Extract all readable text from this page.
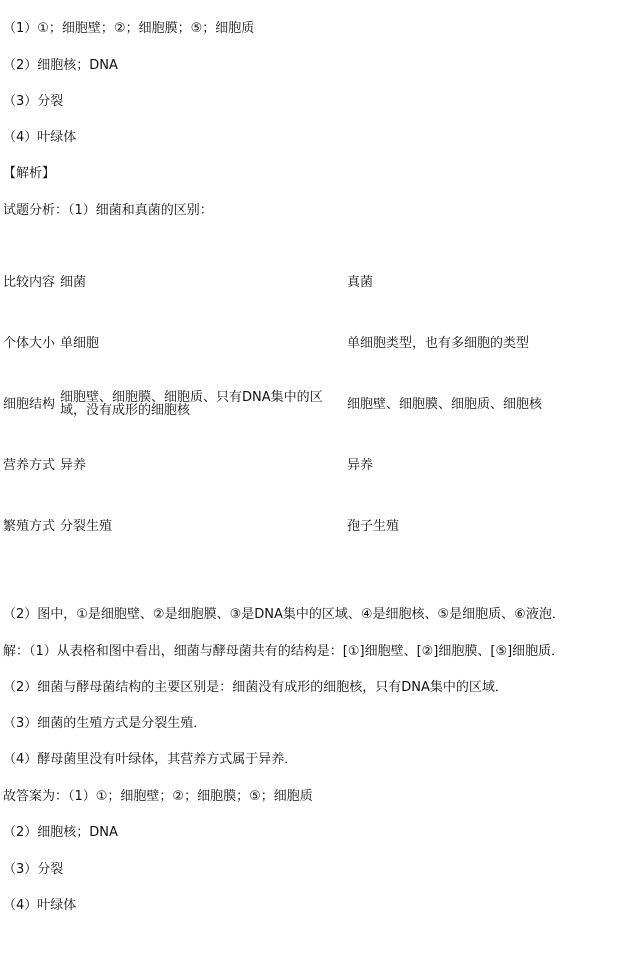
（1）①；细胞壁；②；细胞膜；⑤；细胞质
（2）细胞核；DNA
（3）分裂
（4）叶绿体
【解析】
试题分析：（1）细菌和真菌的区别：
比较内容 细菌	真菌
个体大小 单细胞	单细胞类型，也有多细胞的类型
细胞结构 细胞壁、细胞膜、细胞质、只有DNA集中的区域，没有成形的细胞核	细胞壁、细胞膜、细胞质、细胞核
营养方式 异养	异养
繁殖方式 分裂生殖	孢子生殖
（2）图中，①是细胞壁、②是细胞膜、③是DNA集中的区域、④是细胞核、⑤是细胞质、⑥液泡．
解：（1）从表格和图中看出，细菌与酵母菌共有的结构是：[①]细胞壁、[②]细胞膜、[⑤]细胞质．
（2）细菌与酵母菌结构的主要区别是：细菌没有成形的细胞核，只有DNA集中的区域．
（3）细菌的生殖方式是分裂生殖．
（4）酵母菌里没有叶绿体，其营养方式属于异养．
故答案为：（1）①；细胞壁；②；细胞膜；⑤；细胞质
（2）细胞核；DNA
（3）分裂
（4）叶绿体
